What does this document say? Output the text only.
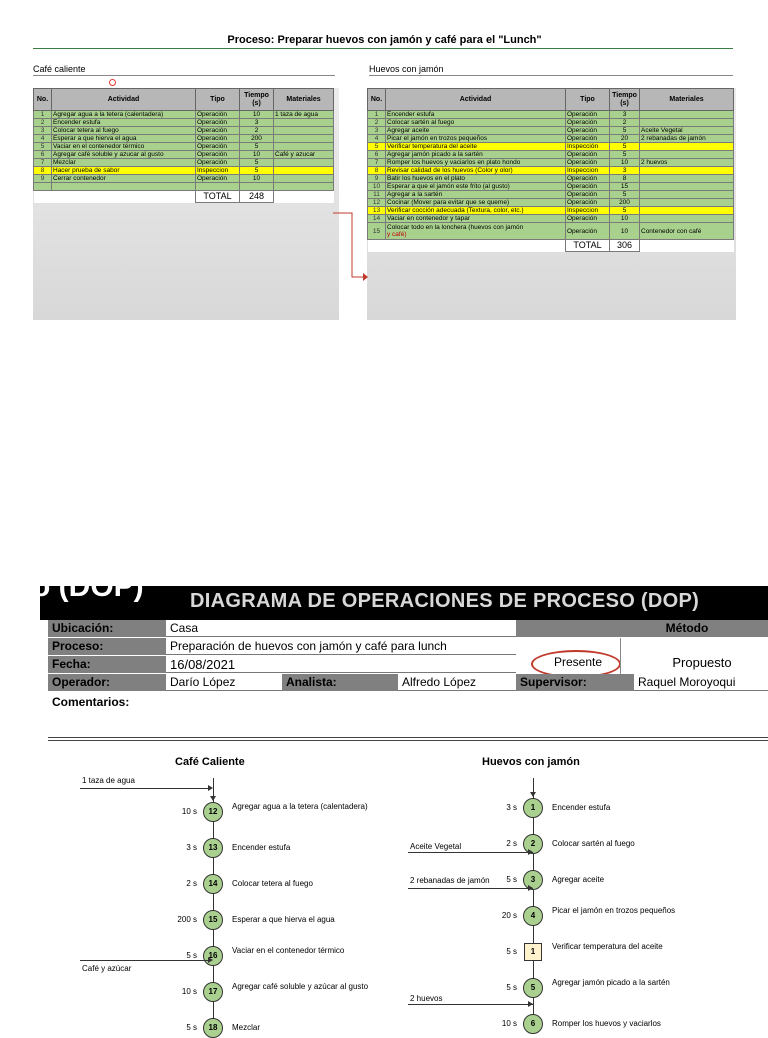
Proceso: Preparar huevos con jamón y café para el "Lunch"
Café caliente	Huevos con jamón
No.	Actividad	Tipo	Tiempo (s)	Materiales
1	Agregar agua a la tetera (calentadera)	Operación	10	1 taza de agua
2	Encender estufa	Operación	3	
3	Colocar tetera al fuego	Operación	2	
4	Esperar a que hierva el agua	Operación	200	
5	Vaciar en el contenedor térmico	Operación	5	
6	Agregar café soluble y azucar al gusto	Operación	10	Café y azucar
7	Mezclar	Operación	5	
8	Hacer prueba de sabor	Inspeccion	5	
9	Cerrar contenedor	Operación	10	

		TOTAL	248	
No.	Actividad	Tipo	Tiempo (s)	Materiales
1	Encender estufa	Operación	3	
2	Colocar sartén al fuego	Operación	2	
3	Agregar aceite	Operación	5	Aceite Vegetal
4	Picar el jamón en trozos pequeños	Operación	20	2 rebanadas de jamón
5	Verificar temperatura del aceite	Inspección	5	
6	Agregar jamón picado a la sartén	Operación	5	
7	Romper los huevos y vaciarlos en plato hondo	Operación	10	2 huevos
8	Revisar calidad de los huevos (Color y olor)	Inspeccion	3	
9	Batir los huevos en el plato	Operación	8	
10	Esperar a que el jamón este frito (al gusto)	Operación	15	
11	Agregar a la sartén	Operación	5	
12	Cocinar (Mover para evitar que se queme)	Operación	200	
13	Verificar cocción adecuada (Textura, color, etc.)	Inspeccion	5	
14	Vaciar en contenedor y tapar	Operación	10	
15	Colocar todo en la lonchera (huevos con jamón
y café)	Operación	10	Contenedor con café
		TOTAL	306	
o (DOP) DIAGRAMA DE OPERACIONES DE PROCESO (DOP)
Ubicación:	Casa	Método
Proceso:	Preparación de huevos con jamón y café para lunch
Presente	Propuesto
Fecha:	16/08/2021
Operador:	Darío López	Analista:	Alfredo López	Supervisor:	Raquel Moroyoqui
Comentarios:
Café Caliente	Huevos con jamón
12
10 s
Agregar agua a la tetera (calentadera)
13
3 s	Encender estufa
14
2 s	Colocar tetera al fuego
15
200 s	Esperar a que hierva el agua
16
5 s
Vaciar en el contenedor térmico
17
10 s
Agregar café soluble y azúcar al gusto
18
5 s	Mezclar
1 taza de agua
Café y azúcar
1
3 s	Encender estufa
2
2 s	Colocar sartén al fuego
3
5 s	Agregar aceite
4
20 s
Picar el jamón en trozos pequeños
1
5 s
Verificar temperatura del aceite
5
5 s
Agregar jamón picado a la sartén
6
10 s	Romper los huevos y vaciarlos
Aceite Vegetal
2 rebanadas de jamón
2 huevos
